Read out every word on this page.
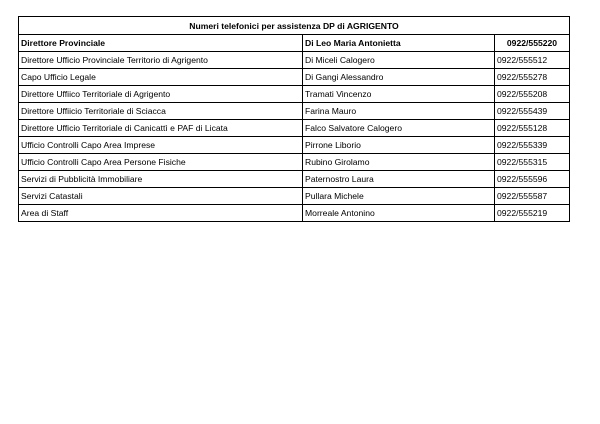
Numeri telefonici per assistenza DP di AGRIGENTO		
Direttore Provinciale	Di Leo Maria Antonietta	0922/555220
Direttore Ufficio Provinciale Territorio di Agrigento	Di Miceli Calogero	0922/555512
Capo Ufficio Legale	Di Gangi Alessandro	0922/555278
Direttore Uffiico Territoriale di Agrigento	Tramati Vincenzo	0922/555208
Direttore Uffiicio Territoriale di Sciacca	Farina Mauro	0922/555439
Direttore Ufficio Territoriale di Canicattì e PAF di Licata	Falco Salvatore Calogero	0922/555128
Ufficio Controlli Capo Area Imprese	Pirrone Liborio	0922/555339
Ufficio Controlli Capo Area Persone Fisiche	Rubino Girolamo	0922/555315
Servizi di Pubblicità Immobiliare	Paternostro Laura	0922/555596
Servizi Catastali	Pullara Michele	0922/555587
Area di Staff	Morreale Antonino	0922/555219
